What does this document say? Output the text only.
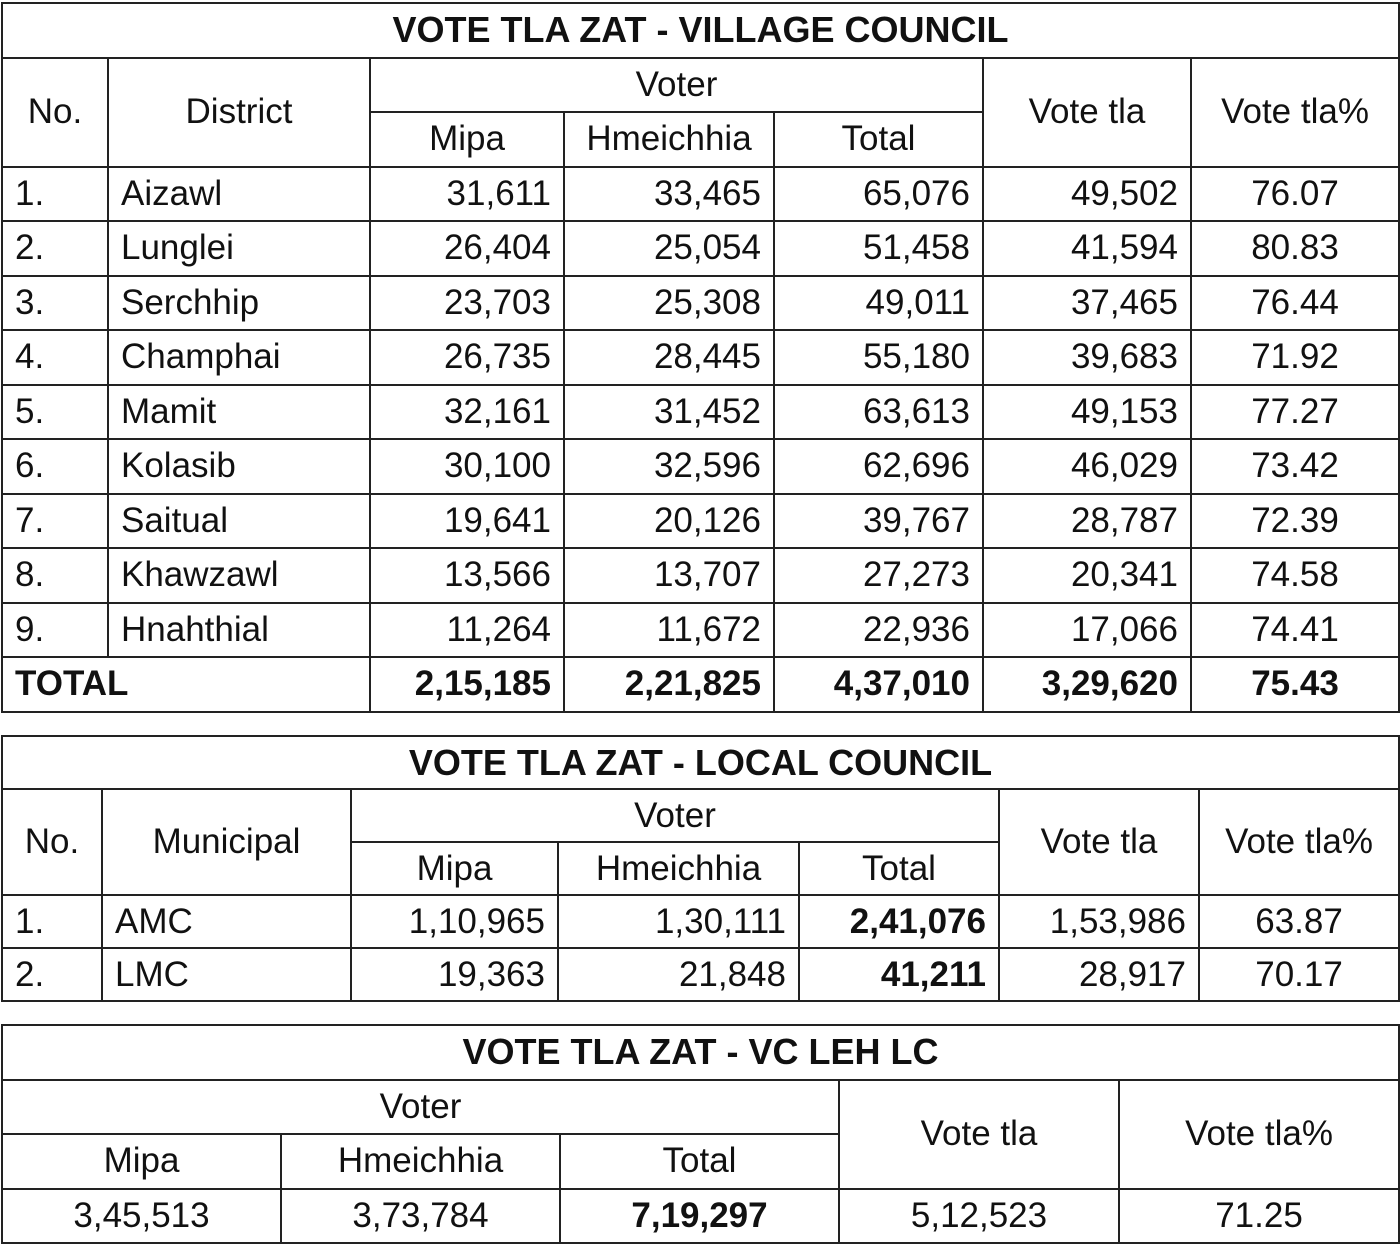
VOTE TLA ZAT - VILLAGE COUNCIL						
No.	District	Voter			Vote tla	Vote tla%
		Mipa	Hmeichhia	Total		
1.	Aizawl	31,611	33,465	65,076	49,502	76.07
2.	Lunglei	26,404	25,054	51,458	41,594	80.83
3.	Serchhip	23,703	25,308	49,011	37,465	76.44
4.	Champhai	26,735	28,445	55,180	39,683	71.92
5.	Mamit	32,161	31,452	63,613	49,153	77.27
6.	Kolasib	30,100	32,596	62,696	46,029	73.42
7.	Saitual	19,641	20,126	39,767	28,787	72.39
8.	Khawzawl	13,566	13,707	27,273	20,341	74.58
9.	Hnahthial	11,264	11,672	22,936	17,066	74.41
TOTAL		2,15,185	2,21,825	4,37,010	3,29,620	75.43
VOTE TLA ZAT - LOCAL COUNCIL						
No.	Municipal	Voter			Vote tla	Vote tla%
		Mipa	Hmeichhia	Total		
1.	AMC	1,10,965	1,30,111	2,41,076	1,53,986	63.87
2.	LMC	19,363	21,848	41,211	28,917	70.17
VOTE TLA ZAT - VC LEH LC				
Voter			Vote tla	Vote tla%
Mipa	Hmeichhia	Total		
3,45,513	3,73,784	7,19,297	5,12,523	71.25
